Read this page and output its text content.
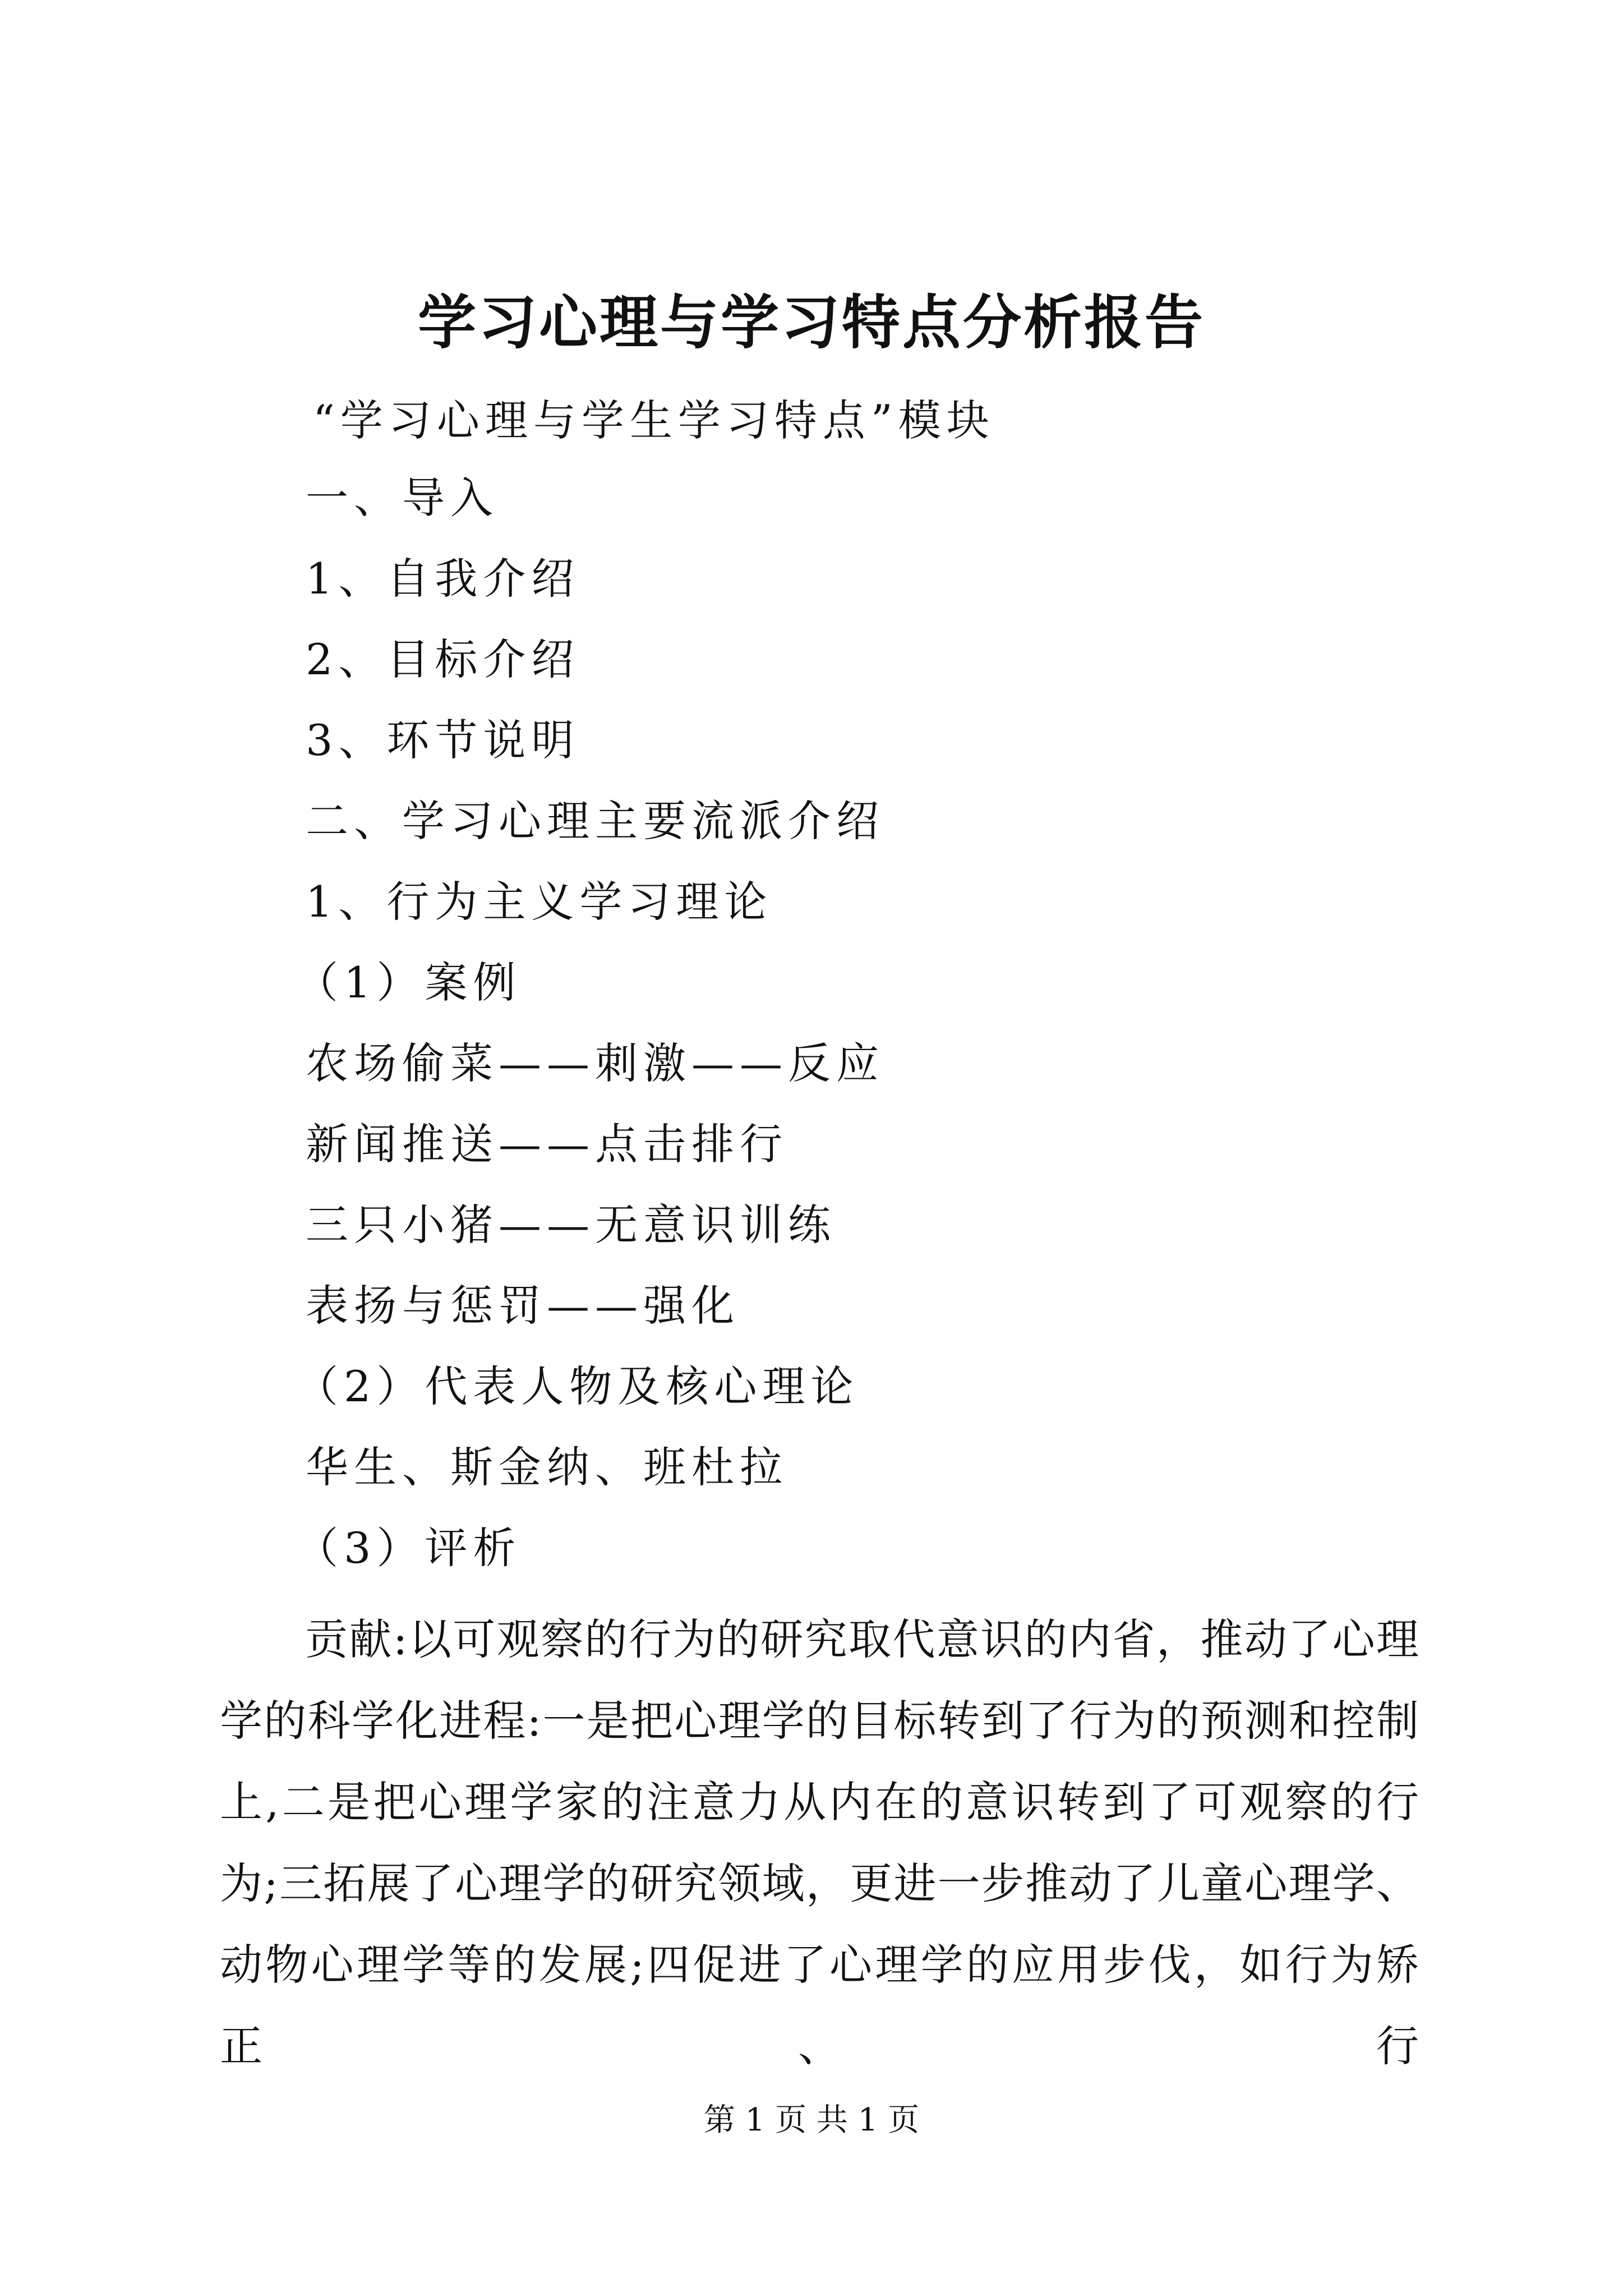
学习心理与学习特点分析报告
“学习心理与学生学习特点”模块
一、导入
1、自我介绍
2、目标介绍
3、环节说明
二、学习心理主要流派介绍
1、行为主义学习理论
（1）案例
农场偷菜——刺激——反应
新闻推送——点击排行
三只小猪——无意识训练
表扬与惩罚——强化
（2）代表人物及核心理论
华生、斯金纳、班杜拉
（3）评析

贡献:以可观察的行为的研究取代意识的内省，推动了心理学的科学化进程:一是把心理学的目标转到了行为的预测和控制上,二是把心理学家的注意力从内在的意识转到了可观察的行为;三拓展了心理学的研究领域，更进一步推动了儿童心理学、动物心理学等的发展;四促进了心理学的应用步伐，如行为矫正、行

第 1 页 共 1 页
